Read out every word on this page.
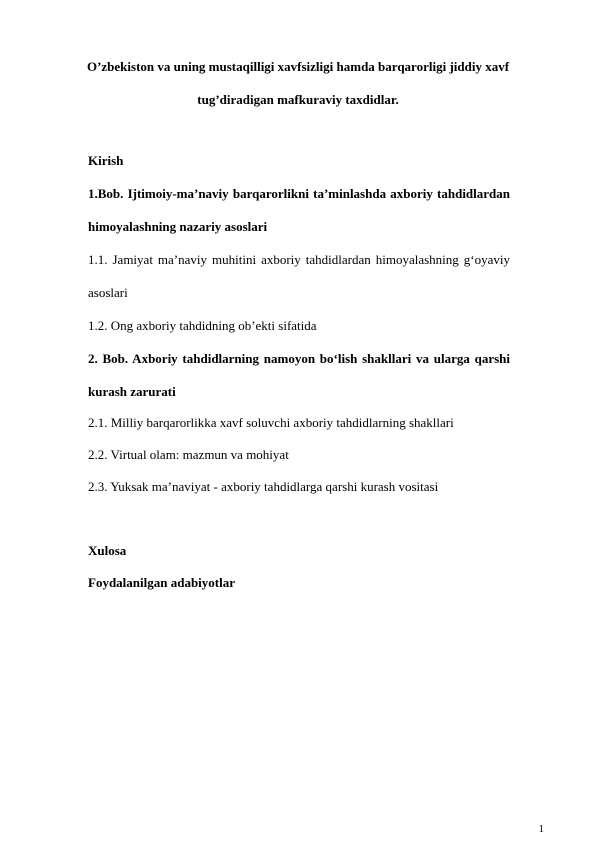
O’zbekiston va uning mustaqilligi xavfsizligi hamda barqarorligi jiddiy xavf
tug’diradigan mafkuraviy taxdidlar.
Kirish
1.Bob. Ijtimoiy-ma’naviy barqarorlikni ta’minlashda axboriy tahdidlardan
himoyalashning nazariy asoslari
1.1. Jamiyat ma’naviy muhitini axboriy tahdidlardan himoyalashning g‘oyaviy
asoslari
1.2. Ong axboriy tahdidning ob’ekti sifatida
2. Bob. Axboriy tahdidlarning namoyon bo‘lish shakllari va ularga qarshi
kurash zarurati
2.1. Milliy barqarorlikka xavf soluvchi axboriy tahdidlarning shakllari
2.2. Virtual olam: mazmun va mohiyat
2.3. Yuksak ma’naviyat - axboriy tahdidlarga qarshi kurash vositasi
Xulosa
Foydalanilgan adabiyotlar
1
